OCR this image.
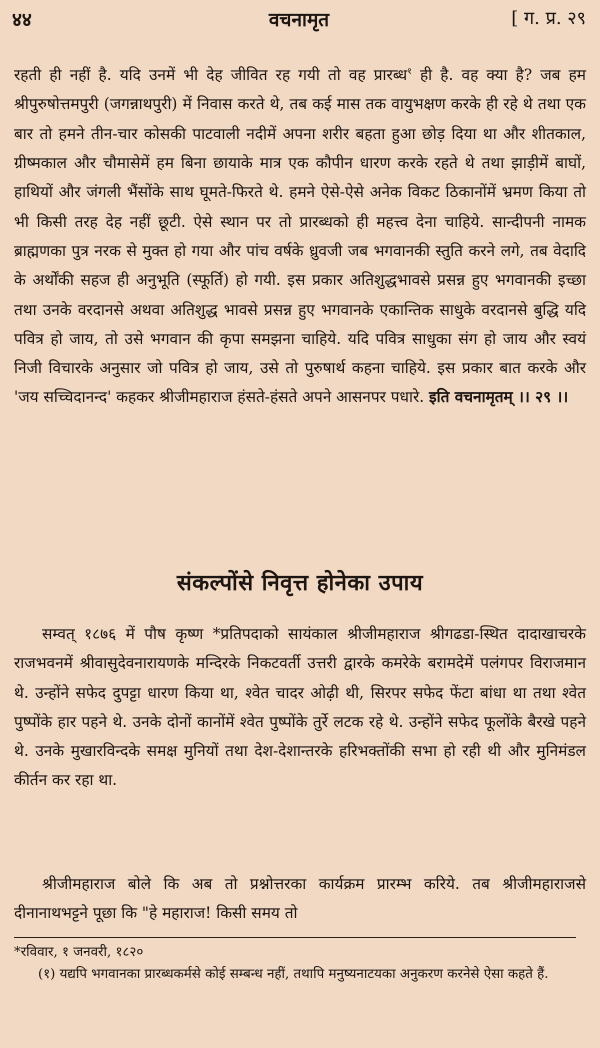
४४	वचनामृत	[ ग. प्र. २९

रहती ही नहीं है. यदि उनमें भी देह जीवित रह गयी तो वह प्रारब्ध$^१$ ही है. वह क्या है? जब हम श्रीपुरुषोत्तमपुरी (जगन्नाथपुरी) में निवास करते थे, तब कई मास तक वायुभक्षण करके ही रहे थे तथा एक बार तो हमने तीन-चार कोसकी पाटवाली नदीमें अपना शरीर बहता हुआ छोड़ दिया था और शीतकाल, ग्रीष्मकाल और चौमासेमें हम बिना छायाके मात्र एक कौपीन धारण करके रहते थे तथा झाड़ीमें बाघों, हाथियों और जंगली भैंसोंके साथ घूमते-फिरते थे. हमने ऐसे-ऐसे अनेक विकट ठिकानोंमें भ्रमण किया तो भी किसी तरह देह नहीं छूटी. ऐसे स्थान पर तो प्रारब्धको ही महत्त्व देना चाहिये. सान्दीपनी नामक ब्राह्मणका पुत्र नरक से मुक्त हो गया और पांच वर्षके ध्रुवजी जब भगवानकी स्तुति करने लगे, तब वेदादि के अर्थोंकी सहज ही अनुभूति (स्फूर्ति) हो गयी. इस प्रकार अतिशुद्धभावसे प्रसन्न हुए भगवानकी इच्छा तथा उनके वरदानसे अथवा अतिशुद्ध भावसे प्रसन्न हुए भगवानके एकान्तिक साधुके वरदानसे बुद्धि यदि पवित्र हो जाय, तो उसे भगवान की कृपा समझना चाहिये. यदि पवित्र साधुका संग हो जाय और स्वयं निजी विचारके अनुसार जो पवित्र हो जाय, उसे तो पुरुषार्थ कहना चाहिये. इस प्रकार बात करके और 'जय सच्चिदानन्द' कहकर श्रीजीमहाराज हंसते-हंसते अपने आसनपर पधारे. इति वचनामृतम् ।। २९ ।।

संकल्पोंसे निवृत्त होनेका उपाय

सम्वत् १८७६ में पौष कृष्ण *प्रतिपदाको सायंकाल श्रीजीमहाराज श्रीगढडा-स्थित दादाखाचरके राजभवनमें श्रीवासुदेवनारायणके मन्दिरके निकटवर्ती उत्तरी द्वारके कमरेके बरामदेमें पलंगपर विराजमान थे. उन्होंने सफेद दुपट्टा धारण किया था, श्वेत चादर ओढ़ी थी, सिरपर सफेद फेंटा बांधा था तथा श्वेत पुष्पोंके हार पहने थे. उनके दोनों कानोंमें श्वेत पुष्पोंके तुर्रे लटक रहे थे. उन्होंने सफेद फूलोंके बैरखे पहने थे. उनके मुखारविन्दके समक्ष मुनियों तथा देश-देशान्तरके हरिभक्तोंकी सभा हो रही थी और मुनिमंडल कीर्तन कर रहा था.

श्रीजीमहाराज बोले कि अब तो प्रश्नोत्तरका कार्यक्रम प्रारम्भ करिये. तब श्रीजीमहाराजसे दीनानाथभट्टने पूछा कि "हे महाराज! किसी समय तो

*रविवार, १ जनवरी, १८२०

(१) यद्यपि भगवानका प्रारब्धकर्मसे कोई सम्बन्ध नहीं, तथापि मनुष्यनाटयका अनुकरण करनेसे ऐसा कहते हैं.
